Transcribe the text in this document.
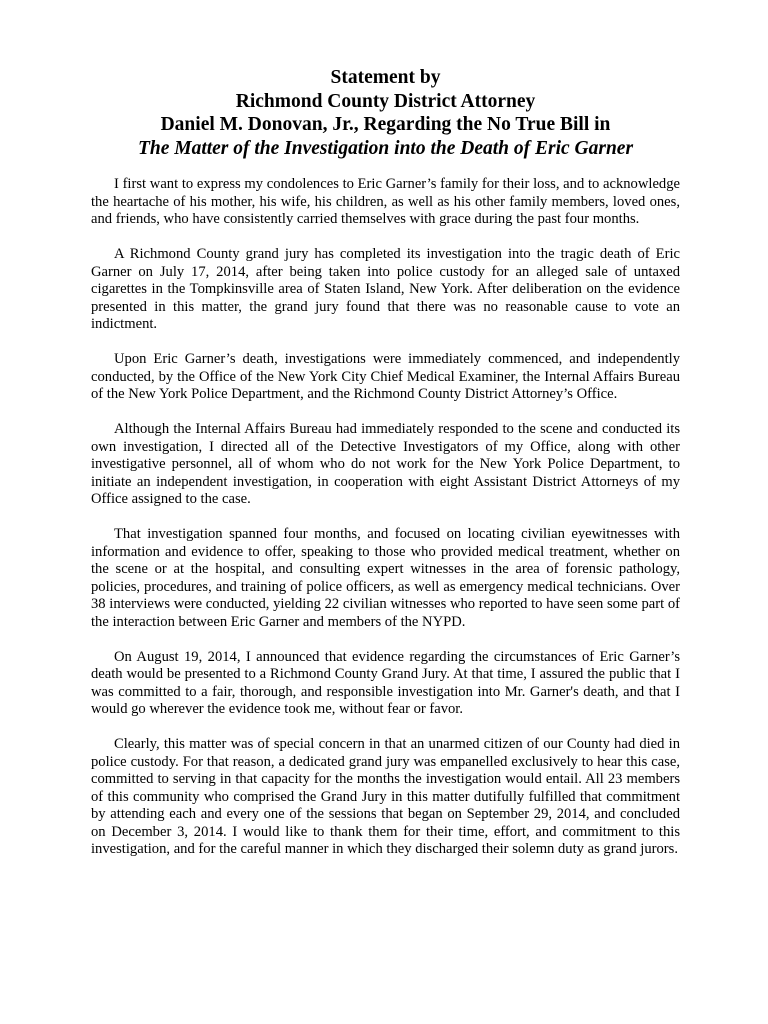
Statement by
Richmond County District Attorney
Daniel M. Donovan, Jr., Regarding the No True Bill in
The Matter of the Investigation into the Death of Eric Garner

I first want to express my condolences to Eric Garner’s family for their loss, and to acknowledge the heartache of his mother, his wife, his children, as well as his other family members, loved ones, and friends, who have consistently carried themselves with grace during the past four months.

A Richmond County grand jury has completed its investigation into the tragic death of Eric Garner on July 17, 2014, after being taken into police custody for an alleged sale of untaxed cigarettes in the Tompkinsville area of Staten Island, New York. After deliberation on the evidence presented in this matter, the grand jury found that there was no reasonable cause to vote an indictment.

Upon Eric Garner’s death, investigations were immediately commenced, and independently conducted, by the Office of the New York City Chief Medical Examiner, the Internal Affairs Bureau of the New York Police Department, and the Richmond County District Attorney’s Office.

Although the Internal Affairs Bureau had immediately responded to the scene and conducted its own investigation, I directed all of the Detective Investigators of my Office, along with other investigative personnel, all of whom who do not work for the New York Police Department, to initiate an independent investigation, in cooperation with eight Assistant District Attorneys of my Office assigned to the case.

That investigation spanned four months, and focused on locating civilian eyewitnesses with information and evidence to offer, speaking to those who provided medical treatment, whether on the scene or at the hospital, and consulting expert witnesses in the area of forensic pathology, policies, procedures, and training of police officers, as well as emergency medical technicians. Over 38 interviews were conducted, yielding 22 civilian witnesses who reported to have seen some part of the interaction between Eric Garner and members of the NYPD.

On August 19, 2014, I announced that evidence regarding the circumstances of Eric Garner’s death would be presented to a Richmond County Grand Jury. At that time, I assured the public that I was committed to a fair, thorough, and responsible investigation into Mr. Garner's death, and that I would go wherever the evidence took me, without fear or favor.

Clearly, this matter was of special concern in that an unarmed citizen of our County had died in police custody. For that reason, a dedicated grand jury was empanelled exclusively to hear this case, committed to serving in that capacity for the months the investigation would entail. All 23 members of this community who comprised the Grand Jury in this matter dutifully fulfilled that commitment by attending each and every one of the sessions that began on September 29, 2014, and concluded on December 3, 2014. I would like to thank them for their time, effort, and commitment to this investigation, and for the careful manner in which they discharged their solemn duty as grand jurors.
